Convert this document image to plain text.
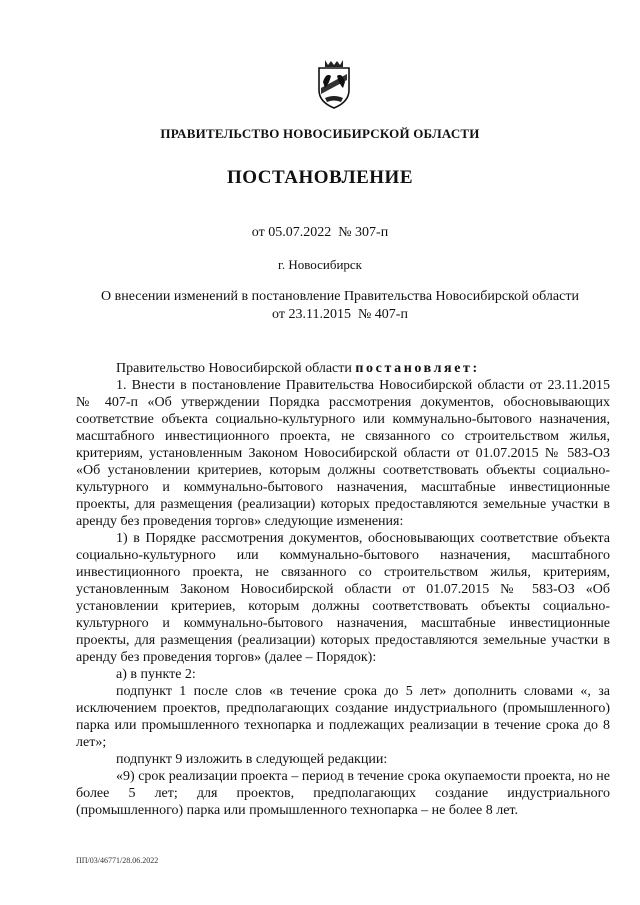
ПРАВИТЕЛЬСТВО НОВОСИБИРСКОЙ ОБЛАСТИ
ПОСТАНОВЛЕНИЕ
от 05.07.2022  № 307-п
г. Новосибирск
О внесении изменений в постановление Правительства Новосибирской области
от 23.11.2015  № 407-п

Правительство Новосибирской области постановляет:

1. Внести в постановление Правительства Новосибирской области от 23.11.2015 № 407-п «Об утверждении Порядка рассмотрения документов, обосновывающих соответствие объекта социально-культурного или коммунально-бытового назначения, масштабного инвестиционного проекта, не связанного со строительством жилья, критериям, установленным Законом Новосибирской области от 01.07.2015 № 583-ОЗ «Об установлении критериев, которым должны соответствовать объекты социально-культурного и коммунально-бытового назначения, масштабные инвестиционные проекты, для размещения (реализации) которых предоставляются земельные участки в аренду без проведения торгов» следующие изменения:

1) в Порядке рассмотрения документов, обосновывающих соответствие объекта социально-культурного или коммунально-бытового назначения, масштабного инвестиционного проекта, не связанного со строительством жилья, критериям, установленным Законом Новосибирской области от 01.07.2015 № 583-ОЗ «Об установлении критериев, которым должны соответствовать объекты социально-культурного и коммунально-бытового назначения, масштабные инвестиционные проекты, для размещения (реализации) которых предоставляются земельные участки в аренду без проведения торгов» (далее – Порядок):

а) в пункте 2:

подпункт 1 после слов «в течение срока до 5 лет» дополнить словами «, за исключением проектов, предполагающих создание индустриального (промышленного) парка или промышленного технопарка и подлежащих реализации в течение срока до 8 лет»;

подпункт 9 изложить в следующей редакции:

«9) срок реализации проекта – период в течение срока окупаемости проекта, но не более 5 лет; для проектов, предполагающих создание индустриального (промышленного) парка или промышленного технопарка – не более 8 лет.

ПП/03/46771/28.06.2022
